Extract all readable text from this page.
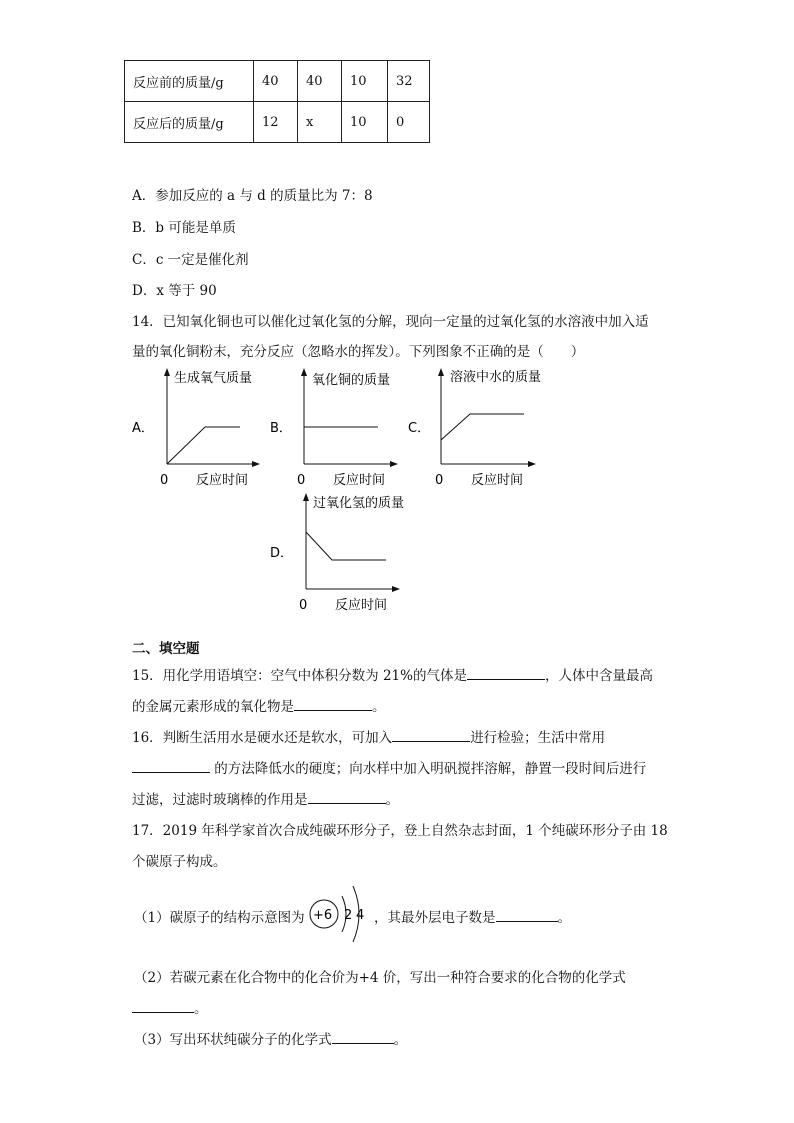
反应前的质量/g	40	40	10	32
反应后的质量/g	12	x	10	0
A．参加反应的 a 与 d 的质量比为 7：8
B．b 可能是单质
C．c 一定是催化剂
D．x 等于 90
14．已知氧化铜也可以催化过氧化氢的分解，现向一定量的过氧化氢的水溶液中加入适
量的氧化铜粉末，充分反应（忽略水的挥发）。下列图象不正确的是（　　）
A．
生成氧气质量
0 反应时间
B．
氧化铜的质量
0 反应时间
C．
溶液中水的质量
0 反应时间
D．
过氧化氢的质量
0 反应时间
二、填空题
15．用化学用语填空：空气中体积分数为 21%的气体是	，人体中含量最高
的金属元素形成的氧化物是	。
16．判断生活用水是硬水还是软水，可加入	进行检验；生活中常用
的方法降低水的硬度；向水样中加入明矾搅拌溶解，静置一段时间后进行
过滤，过滤时玻璃棒的作用是	。
17．2019 年科学家首次合成纯碳环形分子，登上自然杂志封面，1 个纯碳环形分子由 18
个碳原子构成。
（1）碳原子的结构示意图为 +6 2 4 ，其最外层电子数是	。
（2）若碳元素在化合物中的化合价为+4 价，写出一种符合要求的化合物的化学式
。
（3）写出环状纯碳分子的化学式	。
